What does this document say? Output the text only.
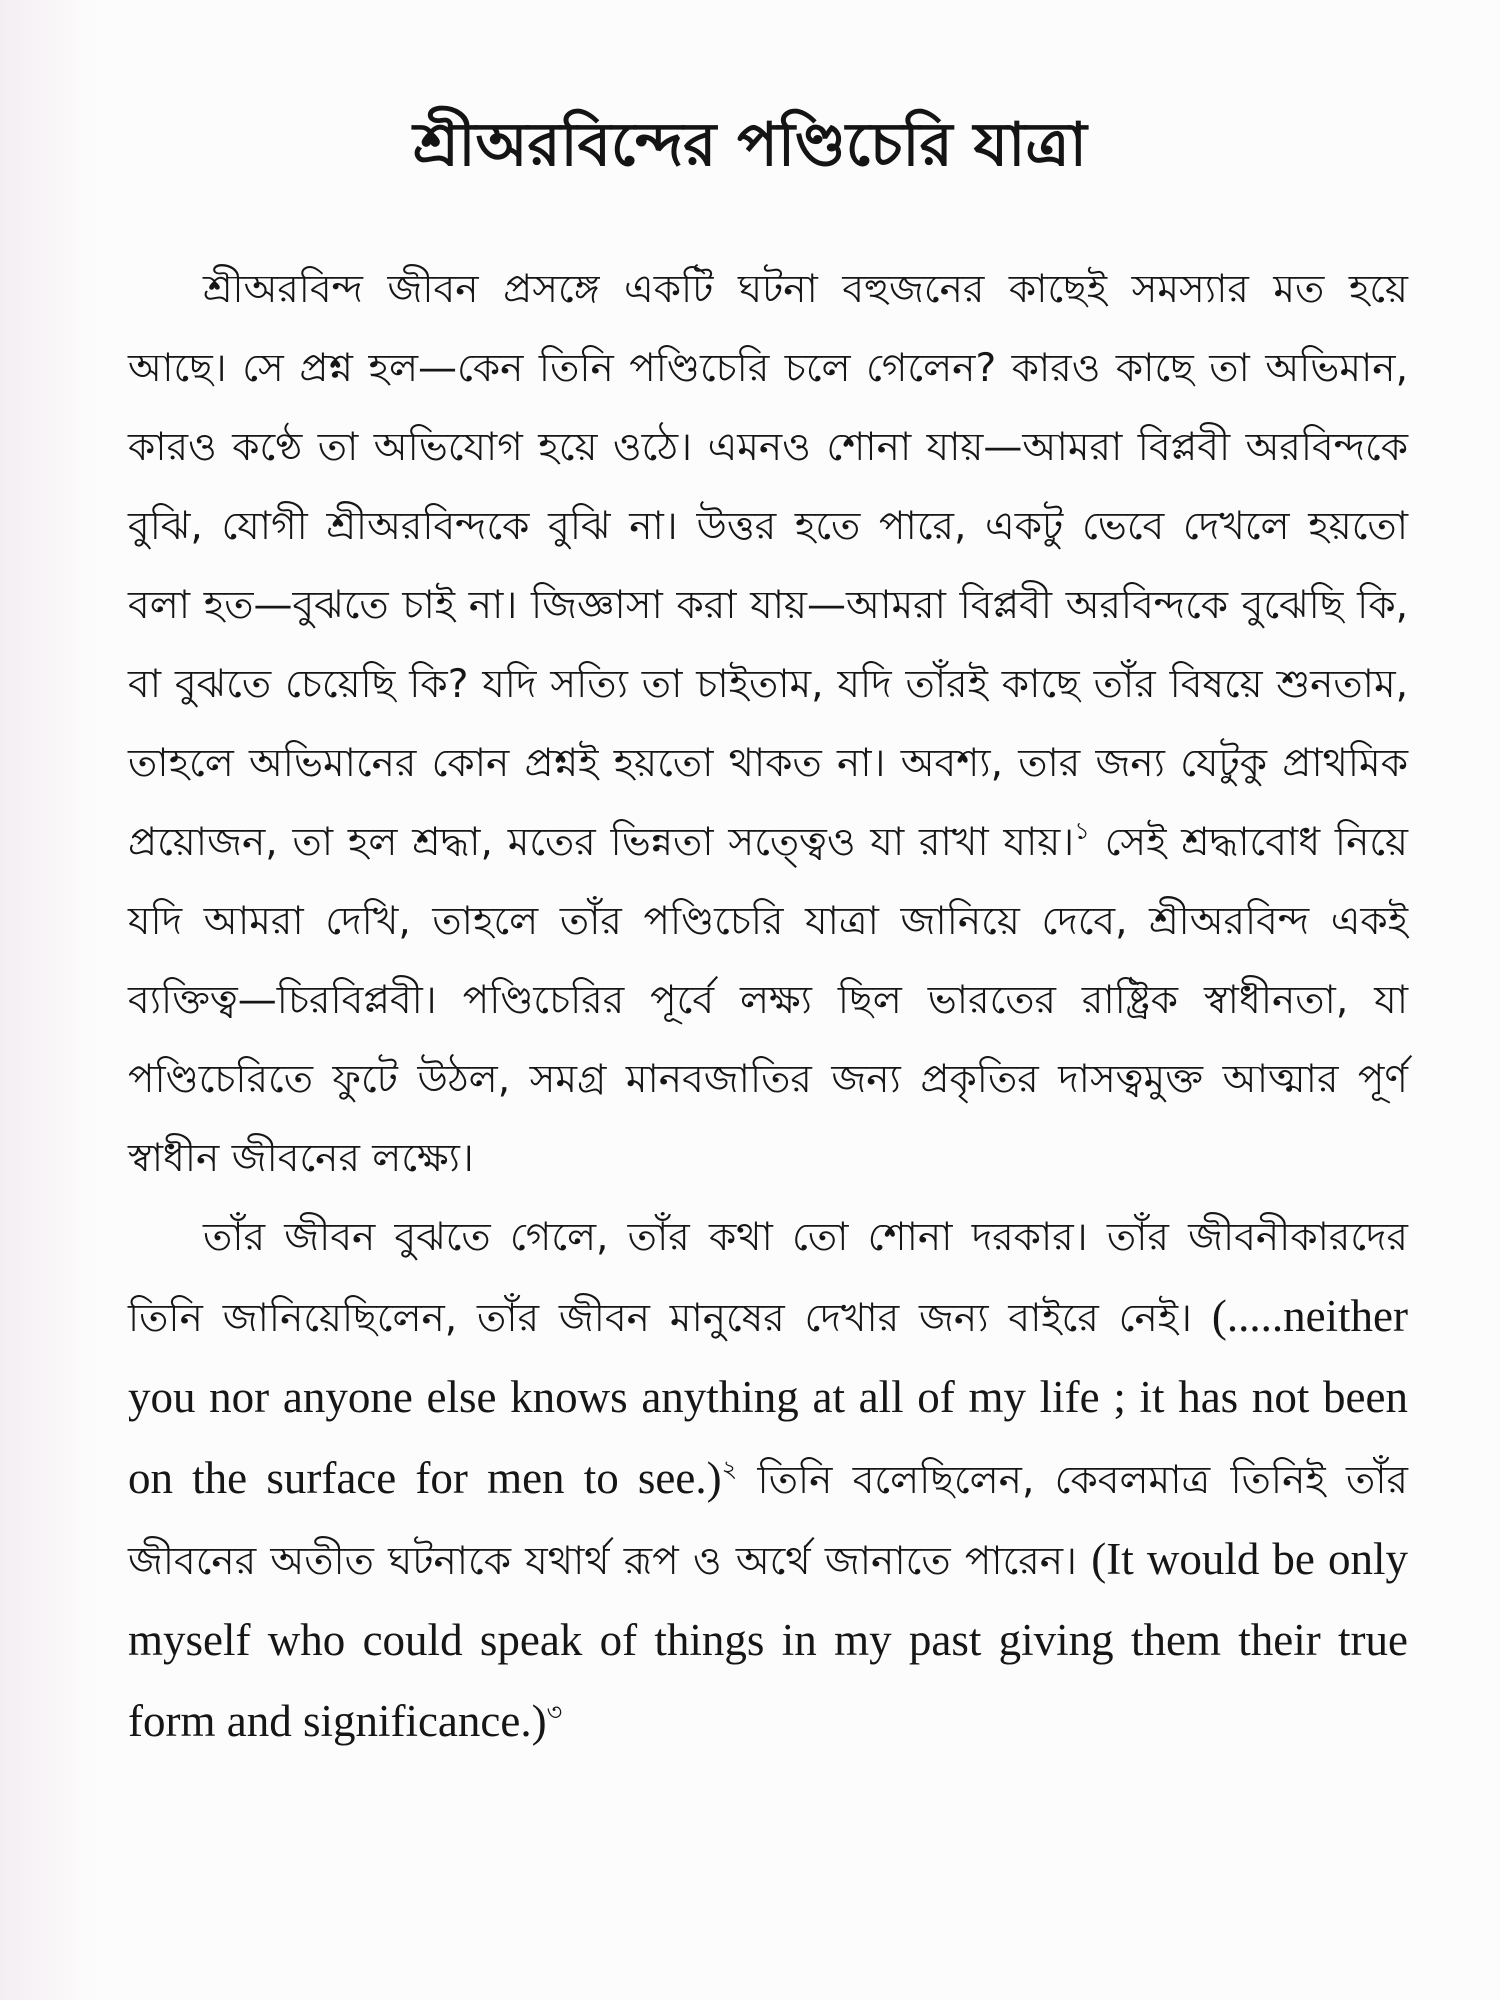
শ্রীঅরবিন্দের পণ্ডিচেরি যাত্রা

শ্রীঅরবিন্দ জীবন প্রসঙ্গে একটি ঘটনা বহুজনের কাছেই সমস্যার মত হয়ে আছে। সে প্রশ্ন হল—কেন তিনি পণ্ডিচেরি চলে গেলেন? কারও কাছে তা অভিমান, কারও কণ্ঠে তা অভিযোগ হয়ে ওঠে। এমনও শোনা যায়—আমরা বিপ্লবী অরবিন্দকে বুঝি, যোগী শ্রীঅরবিন্দকে বুঝি না। উত্তর হতে পারে, একটু ভেবে দেখলে হয়তো বলা হত—বুঝতে চাই না। জিজ্ঞাসা করা যায়—আমরা বিপ্লবী অরবিন্দকে বুঝেছি কি, বা বুঝতে চেয়েছি কি? যদি সত্যি তা চাইতাম, যদি তাঁরই কাছে তাঁর বিষয়ে শুনতাম, তাহলে অভিমানের কোন প্রশ্নই হয়তো থাকত না। অবশ্য, তার জন্য যেটুকু প্রাথমিক প্রয়োজন, তা হল শ্রদ্ধা, মতের ভিন্নতা সত্ত্বেও যা রাখা যায়।$^১$ সেই শ্রদ্ধাবোধ নিয়ে যদি আমরা দেখি, তাহলে তাঁর পণ্ডিচেরি যাত্রা জানিয়ে দেবে, শ্রীঅরবিন্দ একই ব্যক্তিত্ব—চিরবিপ্লবী। পণ্ডিচেরির পূর্বে লক্ষ্য ছিল ভারতের রাষ্ট্রিক স্বাধীনতা, যা পণ্ডিচেরিতে ফুটে উঠল, সমগ্র মানবজাতির জন্য প্রকৃতির দাসত্বমুক্ত আত্মার পূর্ণ স্বাধীন জীবনের লক্ষ্যে।

তাঁর জীবন বুঝতে গেলে, তাঁর কথা তো শোনা দরকার। তাঁর জীবনীকারদের তিনি জানিয়েছিলেন, তাঁর জীবন মানুষের দেখার জন্য বাইরে নেই। (.....neither you nor anyone else knows anything at all of my life ; it has not been on the surface for men to see.)$^২$ তিনি বলেছিলেন, কেবলমাত্র তিনিই তাঁর জীবনের অতীত ঘটনাকে যথার্থ রূপ ও অর্থে জানাতে পারেন। (It would be only myself who could speak of things in my past giving them their true form and significance.)$^৩$
